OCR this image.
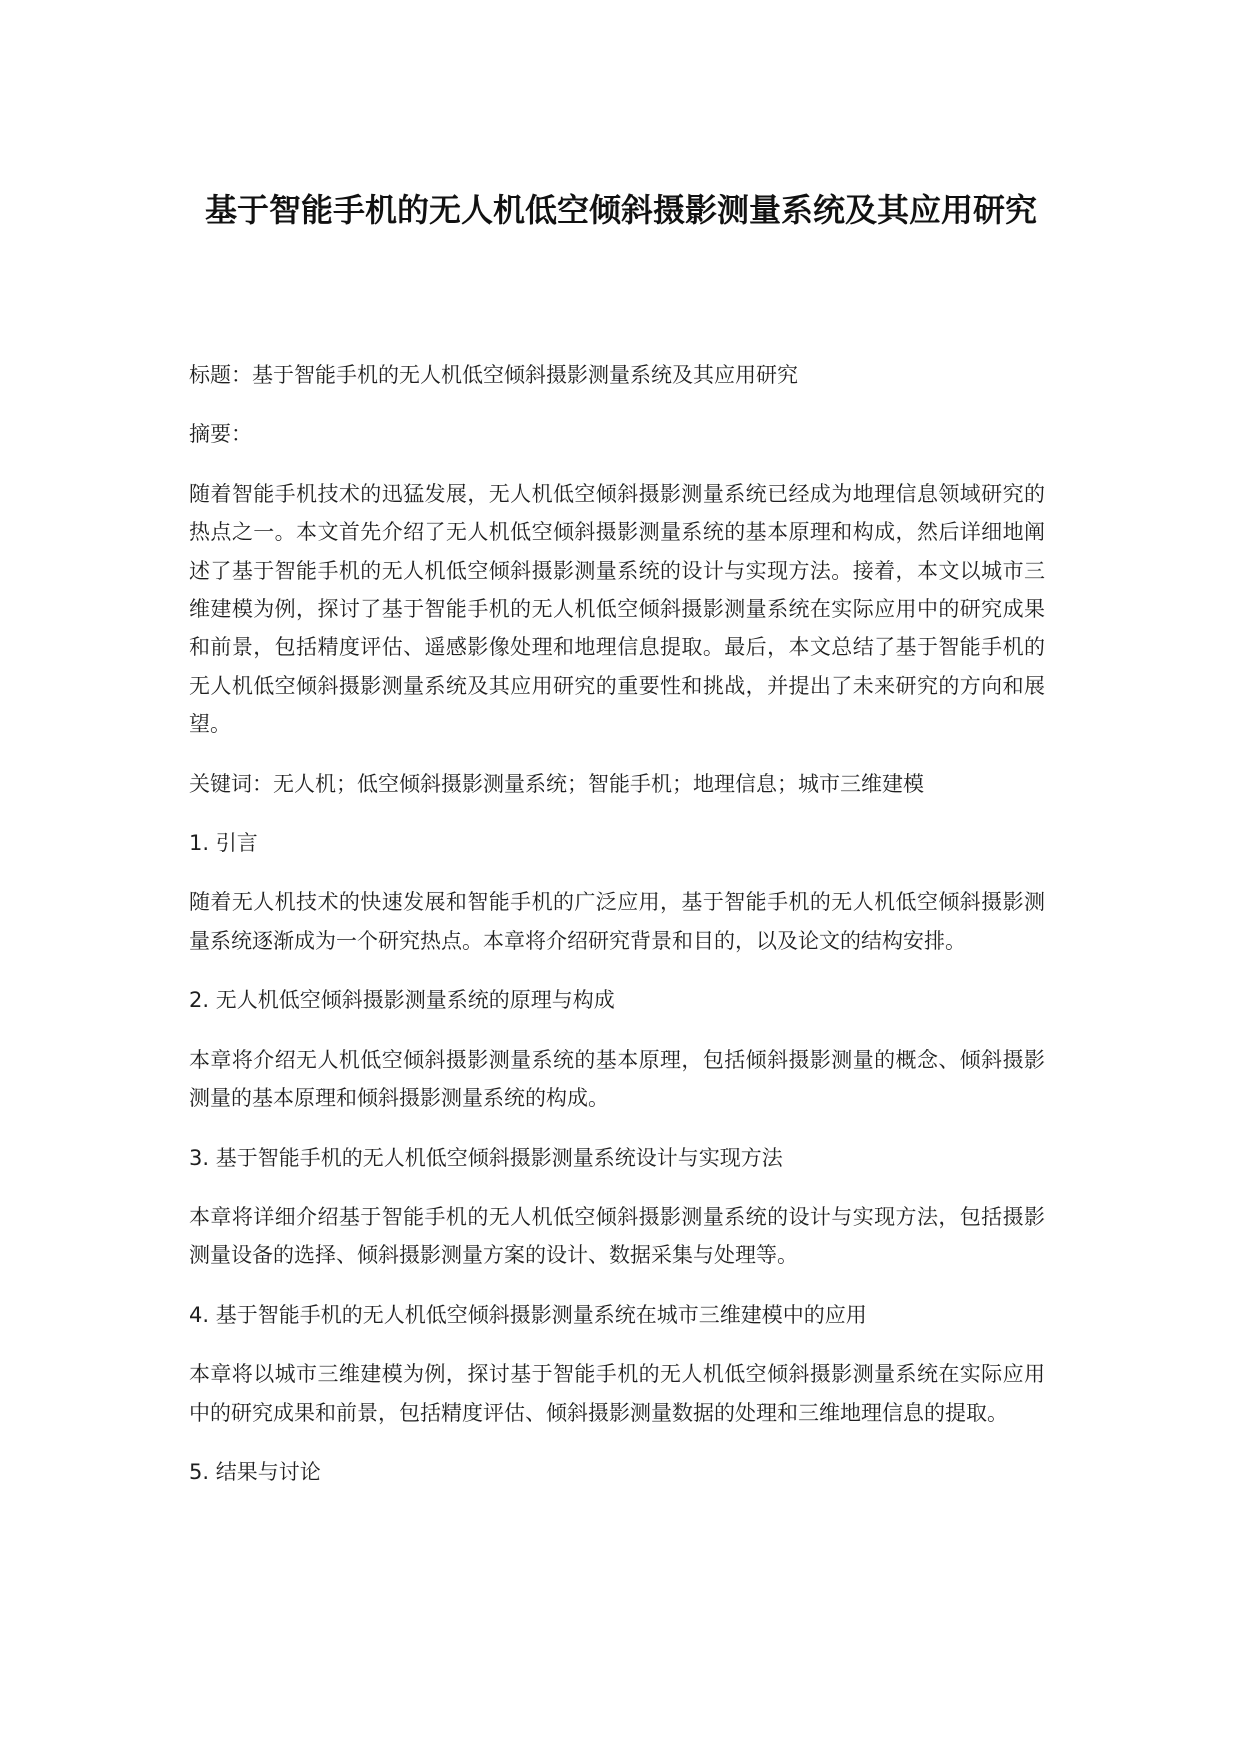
基于智能手机的无人机低空倾斜摄影测量系统及其应用研究

标题：基于智能手机的无人机低空倾斜摄影测量系统及其应用研究

摘要：

随着智能手机技术的迅猛发展，无人机低空倾斜摄影测量系统已经成为地理信息领域研究的热点之一。本文首先介绍了无人机低空倾斜摄影测量系统的基本原理和构成，然后详细地阐述了基于智能手机的无人机低空倾斜摄影测量系统的设计与实现方法。接着，本文以城市三维建模为例，探讨了基于智能手机的无人机低空倾斜摄影测量系统在实际应用中的研究成果和前景，包括精度评估、遥感影像处理和地理信息提取。最后，本文总结了基于智能手机的无人机低空倾斜摄影测量系统及其应用研究的重要性和挑战，并提出了未来研究的方向和展望。

关键词：无人机；低空倾斜摄影测量系统；智能手机；地理信息；城市三维建模

1. 引言

随着无人机技术的快速发展和智能手机的广泛应用，基于智能手机的无人机低空倾斜摄影测量系统逐渐成为一个研究热点。本章将介绍研究背景和目的，以及论文的结构安排。

2. 无人机低空倾斜摄影测量系统的原理与构成

本章将介绍无人机低空倾斜摄影测量系统的基本原理，包括倾斜摄影测量的概念、倾斜摄影测量的基本原理和倾斜摄影测量系统的构成。

3. 基于智能手机的无人机低空倾斜摄影测量系统设计与实现方法

本章将详细介绍基于智能手机的无人机低空倾斜摄影测量系统的设计与实现方法，包括摄影测量设备的选择、倾斜摄影测量方案的设计、数据采集与处理等。

4. 基于智能手机的无人机低空倾斜摄影测量系统在城市三维建模中的应用

本章将以城市三维建模为例，探讨基于智能手机的无人机低空倾斜摄影测量系统在实际应用中的研究成果和前景，包括精度评估、倾斜摄影测量数据的处理和三维地理信息的提取。

5. 结果与讨论
